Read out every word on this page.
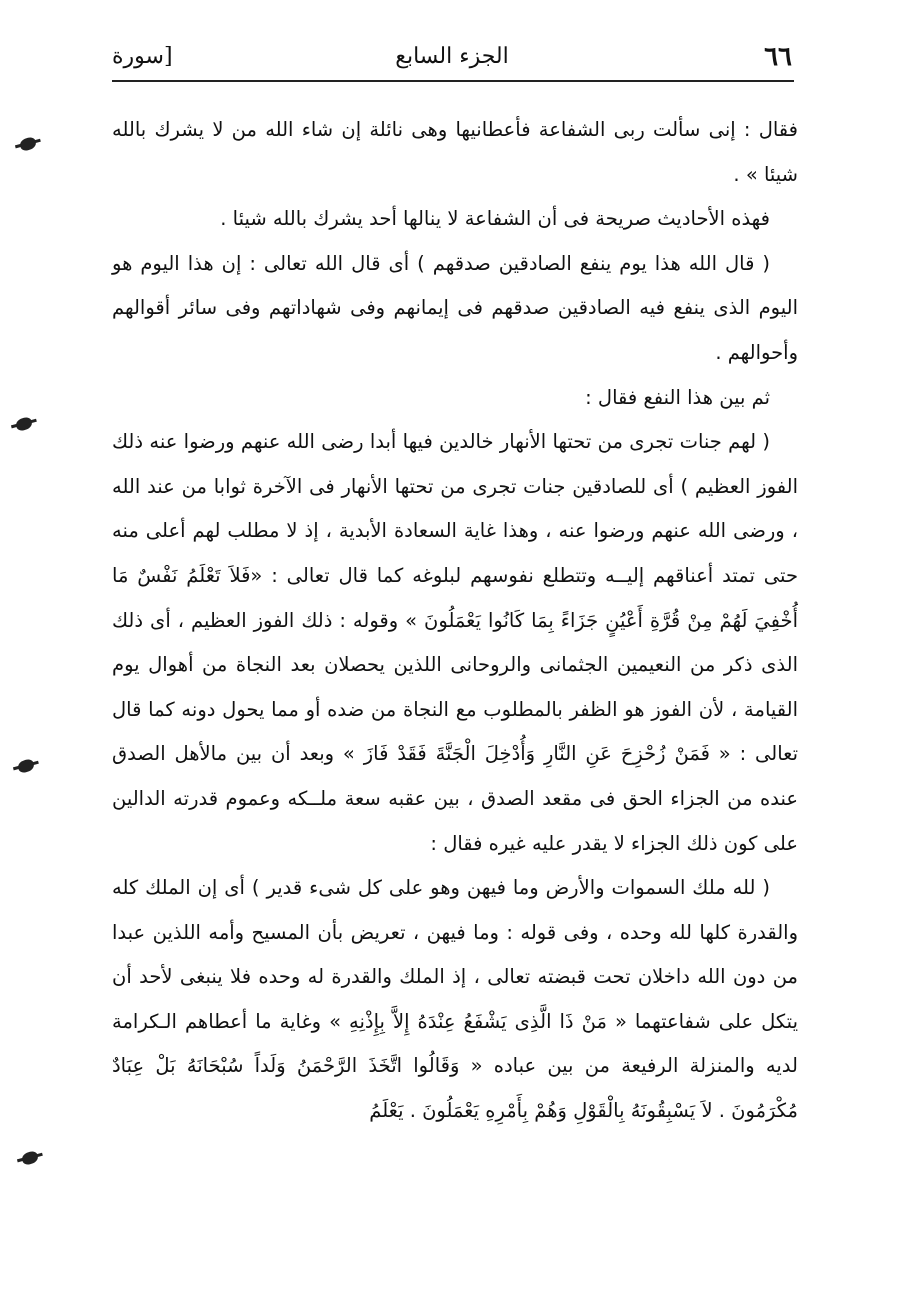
٦٦
الجزء السابع
[سورة

فقال : إنى سألت ربى الشفاعة فأعطانيها وهى نائلة إن شاء الله من لا يشرك بالله شيئا » .

فهذه الأحاديث صريحة فى أن الشفاعة لا ينالها أحد يشرك بالله شيئا .

( قال الله هذا يوم ينفع الصادقين صدقهم ) أى قال الله تعالى : إن هذا اليوم هو اليوم الذى ينفع فيه الصادقين صدقهم فى إيمانهم وفى شهاداتهم وفى سائر أقوالهم وأحوالهم .

ثم بين هذا النفع فقال :

( لهم جنات تجرى من تحتها الأنهار خالدين فيها أبدا رضى الله عنهم ورضوا عنه ذلك الفوز العظيم ) أى للصادقين جنات تجرى من تحتها الأنهار فى الآخرة ثوابا من عند الله ، ورضى الله عنهم ورضوا عنه ، وهذا غاية السعادة الأبدية ، إذ لا مطلب لهم أعلى منه حتى تمتد أعناقهم إليــه وتتطلع نفوسهم لبلوغه كما قال تعالى : «فَلاَ تَعْلَمُ نَفْسٌ مَا أُخْفِيَ لَهُمْ مِنْ قُرَّةِ أَعْيُنٍ جَزَاءً بِمَا كَانُوا يَعْمَلُونَ » وقوله : ذلك الفوز العظيم ، أى ذلك الذى ذكر من النعيمين الجثمانى والروحانى اللذين يحصلان بعد النجاة من أهوال يوم القيامة ، لأن الفوز هو الظفر بالمطلوب مع النجاة من ضده أو مما يحول دونه كما قال تعالى : « فَمَنْ زُحْزِحَ عَنِ النَّارِ وَأُدْخِلَ الْجَنَّةَ فَقَدْ فَازَ » وبعد أن بين مالأهل الصدق عنده من الجزاء الحق فى مقعد الصدق ، بين عقبه سعة ملــكه وعموم قدرته الدالين على كون ذلك الجزاء لا يقدر عليه غيره فقال :

( لله ملك السموات والأرض وما فيهن وهو على كل شىء قدير ) أى إن الملك كله والقدرة كلها لله وحده ، وفى قوله : وما فيهن ، تعريض بأن المسيح وأمه اللذين عبدا من دون الله داخلان تحت قبضته تعالى ، إذ الملك والقدرة له وحده فلا ينبغى لأحد أن يتكل على شفاعتهما « مَنْ ذَا الَّذِى يَشْفَعُ عِنْدَهُ إِلاَّ بِإِذْنِهِ » وغاية ما أعطاهم الـكرامة لديه والمنزلة الرفيعة من بين عباده « وَقَالُوا اتَّخَذَ الرَّحْمَنُ وَلَداً سُبْحَانَهُ بَلْ عِبَادٌ مُكْرَمُونَ . لاَ يَسْبِقُونَهُ بِالْقَوْلِ وَهُمْ بِأَمْرِهِ يَعْمَلُونَ . يَعْلَمُ
